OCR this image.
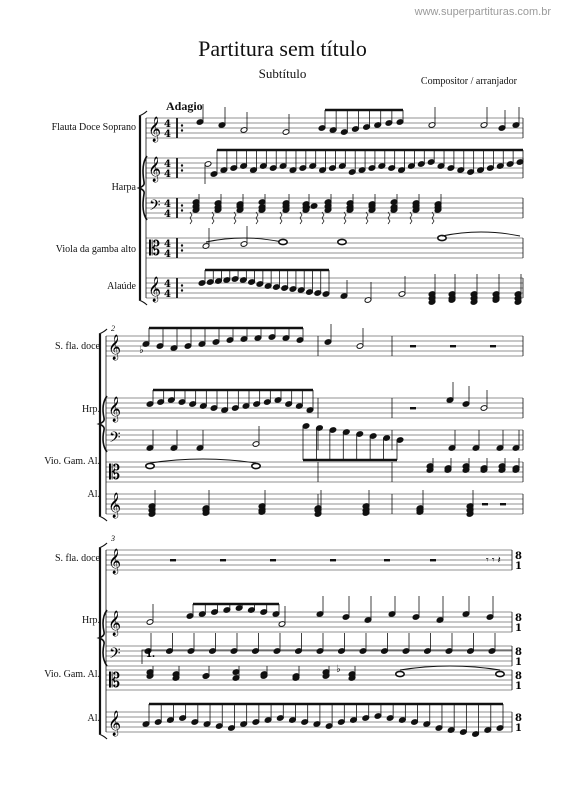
www.superpartituras.com.br
Partitura sem título
Subtítulo
Compositor / arranjador
Adagio
Flauta Doce Soprano
Harpa
Viola da gamba alto
Alaúde
2
S. fla. doce
Hrp.
Vio. Gam. Al.
Al.
3
S. fla. doce
Hrp.
Vio. Gam. Al.
Al.
𝄞 4
4
𝄞 4
4
𝄢 4
4
𝄡 4
4
𝄞 4
4
♭
𝄞
𝄞
𝄢
𝄡
𝄞
♭
𝄞	8
1
𝄞	8
1
𝄢	8
1
𝄡	8
1
𝄞	8
1
𝄾 𝄾 𝄽
♭
1.
